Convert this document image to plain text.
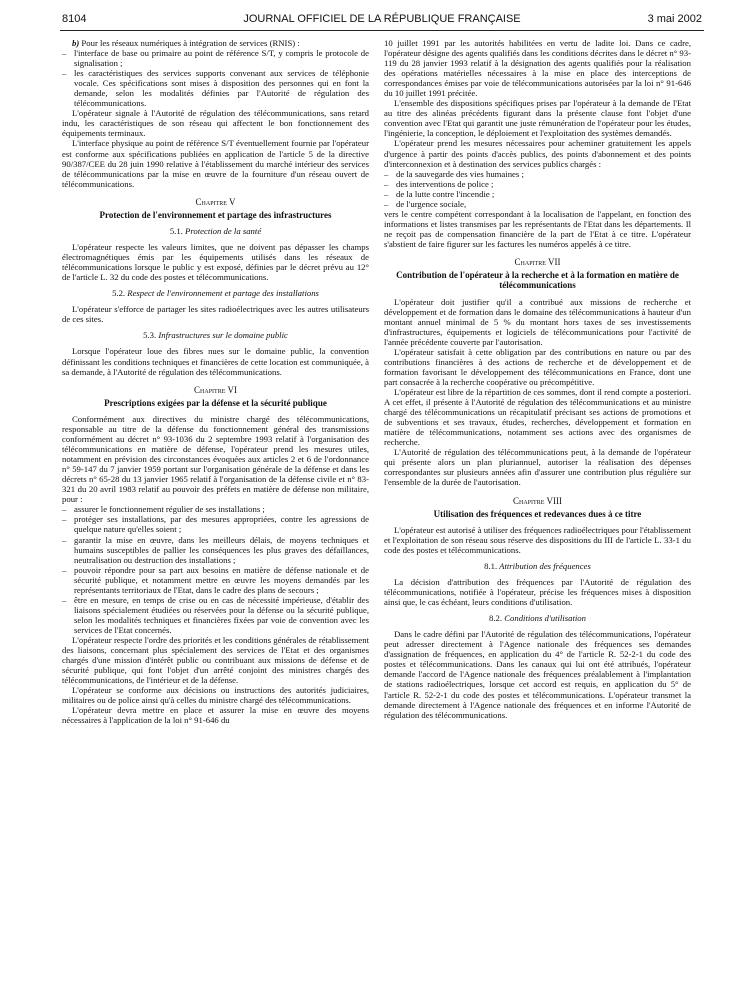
8104	JOURNAL OFFICIEL DE LA RÉPUBLIQUE FRANÇAISE	3 mai 2002

b) Pour les réseaux numériques à intégration de services (RNIS) :

– l'interface de base ou primaire au point de référence S/T, y compris le protocole de signalisation ;
– les caractéristiques des services supports convenant aux services de téléphonie vocale. Ces spécifications sont mises à disposition des personnes qui en font la demande, selon les modalités définies par l'Autorité de régulation des télécommunications.

L'opérateur signale à l'Autorité de régulation des télécommunications, sans retard indu, les caractéristiques de son réseau qui affectent le bon fonctionnement des équipements terminaux.

L'interface physique au point de référence S/T éventuellement fournie par l'opérateur est conforme aux spécifications publiées en application de l'article 5 de la directive 90/387/CEE du 28 juin 1990 relative à l'établissement du marché intérieur des services de télécommunications par la mise en œuvre de la fourniture d'un réseau ouvert de télécommunications.

Chapitre V
Protection de l'environnement et partage des infrastructures
5.1. Protection de la santé

L'opérateur respecte les valeurs limites, que ne doivent pas dépasser les champs électromagnétiques émis par les équipements utilisés dans les réseaux de télécommunications lorsque le public y est exposé, définies par le décret prévu au 12° de l'article L. 32 du code des postes et télécommunications.

5.2. Respect de l'environnement et partage des installations

L'opérateur s'efforce de partager les sites radioélectriques avec les autres utilisateurs de ces sites.

5.3. Infrastructures sur le domaine public

Lorsque l'opérateur loue des fibres nues sur le domaine public, la convention définissant les conditions techniques et financières de cette location est communiquée, à sa demande, à l'Autorité de régulation des télécommunications.

Chapitre VI
Prescriptions exigées par la défense et la sécurité publique

Conformément aux directives du ministre chargé des télécommunications, responsable au titre de la défense du fonctionnement général des transmissions conformément au décret n° 93-1036 du 2 septembre 1993 relatif à l'organisation des télécommunications en matière de défense, l'opérateur prend les mesures utiles, notamment en prévision des circonstances évoquées aux articles 2 et 6 de l'ordonnance n° 59-147 du 7 janvier 1959 portant sur l'organisation générale de la défense et dans les décrets n° 65-28 du 13 janvier 1965 relatif à l'organisation de la défense civile et n° 83-321 du 20 avril 1983 relatif au pouvoir des préfets en matière de défense non militaire, pour :

– assurer le fonctionnement régulier de ses installations ;
– protéger ses installations, par des mesures appropriées, contre les agressions de quelque nature qu'elles soient ;
– garantir la mise en œuvre, dans les meilleurs délais, de moyens techniques et humains susceptibles de pallier les conséquences les plus graves des défaillances, neutralisation ou destruction des installations ;
– pouvoir répondre pour sa part aux besoins en matière de défense nationale et de sécurité publique, et notamment mettre en œuvre les moyens demandés par les représentants territoriaux de l'Etat, dans le cadre des plans de secours ;
– être en mesure, en temps de crise ou en cas de nécessité impérieuse, d'établir des liaisons spécialement étudiées ou réservées pour la défense ou la sécurité publique, selon les modalités techniques et financières fixées par voie de convention avec les services de l'Etat concernés.

L'opérateur respecte l'ordre des priorités et les conditions générales de rétablissement des liaisons, concernant plus spécialement des services de l'Etat et des organismes chargés d'une mission d'intérêt public ou contribuant aux missions de défense et de sécurité publique, qui font l'objet d'un arrêté conjoint des ministres chargés des télécommunications, de l'intérieur et de la défense.

L'opérateur se conforme aux décisions ou instructions des autorités judiciaires, militaires ou de police ainsi qu'à celles du ministre chargé des télécommunications.

L'opérateur devra mettre en place et assurer la mise en œuvre des moyens nécessaires à l'application de la loi n° 91-646 du

10 juillet 1991 par les autorités habilitées en vertu de ladite loi. Dans ce cadre, l'opérateur désigne des agents qualifiés dans les conditions décrites dans le décret n° 93-119 du 28 janvier 1993 relatif à la désignation des agents qualifiés pour la réalisation des opérations matérielles nécessaires à la mise en place des interceptions de correspondances émises par voie de télécommunications autorisées par la loi n° 91-646 du 10 juillet 1991 précitée.

L'ensemble des dispositions spécifiques prises par l'opérateur à la demande de l'Etat au titre des alinéas précédents figurant dans la présente clause font l'objet d'une convention avec l'Etat qui garantit une juste rémunération de l'opérateur pour les études, l'ingénierie, la conception, le déploiement et l'exploitation des systèmes demandés.

L'opérateur prend les mesures nécessaires pour acheminer gratuitement les appels d'urgence à partir des points d'accès publics, des points d'abonnement et des points d'interconnexion et à destination des services publics chargés :

– de la sauvegarde des vies humaines ;
– des interventions de police ;
– de la lutte contre l'incendie ;
– de l'urgence sociale,

vers le centre compétent correspondant à la localisation de l'appelant, en fonction des informations et listes transmises par les représentants de l'Etat dans les départements. Il ne reçoit pas de compensation financière de la part de l'Etat à ce titre. L'opérateur s'abstient de faire figurer sur les factures les numéros appelés à ce titre.

Chapitre VII
Contribution de l'opérateur à la recherche et à la formation en matière de télécommunications

L'opérateur doit justifier qu'il a contribué aux missions de recherche et développement et de formation dans le domaine des télécommunications à hauteur d'un montant annuel minimal de 5 % du montant hors taxes de ses investissements d'infrastructures, équipements et logiciels de télécommunications pour l'activité de l'année précédente couverte par l'autorisation.

L'opérateur satisfait à cette obligation par des contributions en nature ou par des contributions financières à des actions de recherche et de développement et de formation favorisant le développement des télécommunications en France, dont une part consacrée à la recherche coopérative ou précompétitive.

L'opérateur est libre de la répartition de ces sommes, dont il rend compte a posteriori. A cet effet, il présente à l'Autorité de régulation des télécommunications et au ministre chargé des télécommunications un récapitulatif précisant ses actions de promotions et de subventions et ses travaux, études, recherches, développement et formation en matière de télécommunications, notamment ses actions avec des organismes de recherche.

L'Autorité de régulation des télécommunications peut, à la demande de l'opérateur qui présente alors un plan pluriannuel, autoriser la réalisation des dépenses correspondantes sur plusieurs années afin d'assurer une contribution plus régulière sur l'ensemble de la durée de l'autorisation.

Chapitre VIII
Utilisation des fréquences et redevances dues à ce titre

L'opérateur est autorisé à utiliser des fréquences radioélectriques pour l'établissement et l'exploitation de son réseau sous réserve des dispositions du III de l'article L. 33-1 du code des postes et télécommunications.

8.1. Attribution des fréquences

La décision d'attribution des fréquences par l'Autorité de régulation des télécommunications, notifiée à l'opérateur, précise les fréquences mises à disposition ainsi que, le cas échéant, leurs conditions d'utilisation.

8.2. Conditions d'utilisation

Dans le cadre défini par l'Autorité de régulation des télécommunications, l'opérateur peut adresser directement à l'Agence nationale des fréquences ses demandes d'assignation de fréquences, en application du 4° de l'article R. 52-2-1 du code des postes et télécommunications. Dans les canaux qui lui ont été attribués, l'opérateur demande l'accord de l'Agence nationale des fréquences préalablement à l'implantation de stations radioélectriques, lorsque cet accord est requis, en application du 5° de l'article R. 52-2-1 du code des postes et télécommunications. L'opérateur transmet la demande directement à l'Agence nationale des fréquences et en informe l'Autorité de régulation des télécommunications.
